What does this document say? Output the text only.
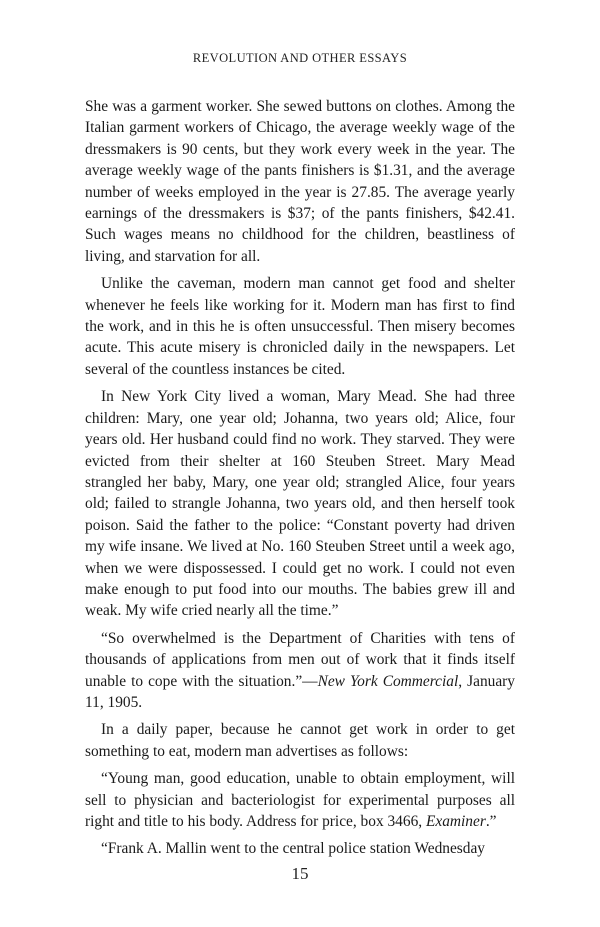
REVOLUTION AND OTHER ESSAYS

She was a garment worker. She sewed buttons on clothes. Among the Italian garment workers of Chicago, the average weekly wage of the dressmakers is 90 cents, but they work every week in the year. The average weekly wage of the pants finishers is $1.31, and the average number of weeks employed in the year is 27.85. The average yearly earnings of the dressmakers is $37; of the pants finishers, $42.41. Such wages means no childhood for the children, beastliness of living, and starvation for all.

Unlike the caveman, modern man cannot get food and shelter whenever he feels like working for it. Modern man has first to find the work, and in this he is often unsuccessful. Then misery becomes acute. This acute misery is chronicled daily in the newspapers. Let several of the countless instances be cited.

In New York City lived a woman, Mary Mead. She had three children: Mary, one year old; Johanna, two years old; Alice, four years old. Her husband could find no work. They starved. They were evicted from their shelter at 160 Steuben Street. Mary Mead strangled her baby, Mary, one year old; strangled Alice, four years old; failed to strangle Johanna, two years old, and then herself took poison. Said the father to the police: “Constant poverty had driven my wife insane. We lived at No. 160 Steuben Street until a week ago, when we were dispossessed. I could get no work. I could not even make enough to put food into our mouths. The babies grew ill and weak. My wife cried nearly all the time.”

“So overwhelmed is the Department of Charities with tens of thousands of applications from men out of work that it finds itself unable to cope with the situation.”—New York Commercial, January 11, 1905.

In a daily paper, because he cannot get work in order to get something to eat, modern man advertises as follows:

“Young man, good education, unable to obtain employment, will sell to physician and bacteriologist for experimental purposes all right and title to his body. Address for price, box 3466, Examiner.”

“Frank A. Mallin went to the central police station Wednesday

15
